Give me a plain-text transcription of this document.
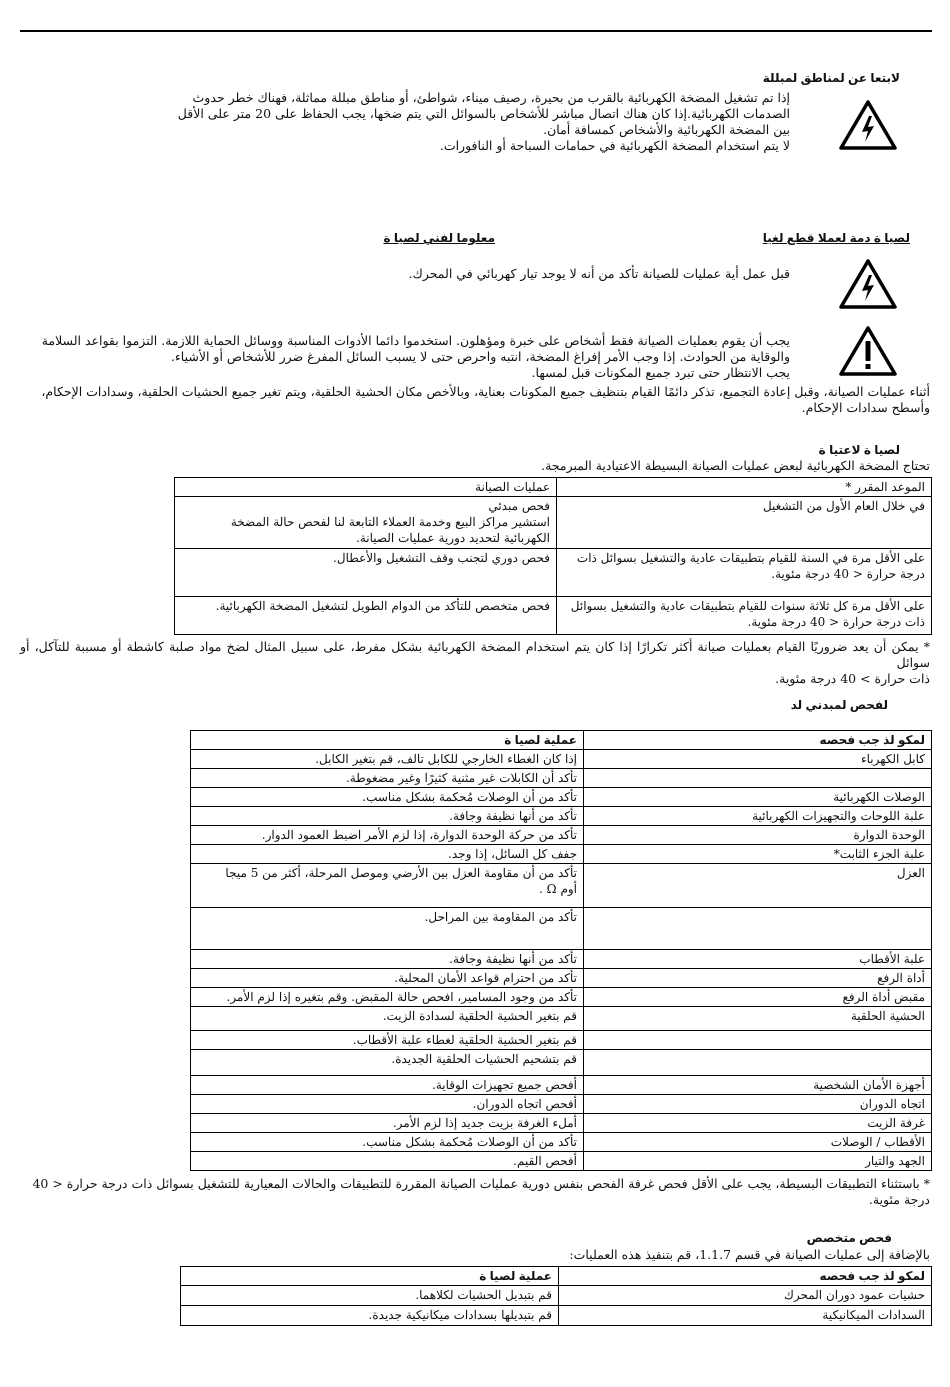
لابتعا عن لمناطق لمبللة
إذا تم تشغيل المضخة الكهربائية بالقرب من بحيرة، رصيف ميناء، شواطئ، أو مناطق مبللة مماثلة، فهناك خطر حدوث
الصدمات الكهربائية.إذا كان هناك اتصال مباشر للأشخاص بالسوائل التي يتم ضخها، يجب الحفاظ على 20 متر على الأقل
بين المضخة الكهربائية والأشخاص كمسافة أمان.
لا يتم استخدام المضخة الكهربائية في حمامات السباحة أو النافورات.
لصيا ة دمة لعملا قطع لغيا
معلوما لفني لصيا ة
قبل عمل أية عمليات للصيانة تأكد من أنه لا يوجد تيار كهربائي في المحرك.
يجب أن يقوم بعمليات الصيانة فقط أشخاص على خبرة ومؤهلون. استخدموا دائما الأدوات المناسبة ووسائل الحماية اللازمة. التزموا بقواعد السلامة
والوقاية من الحوادث. إذا وجب الأمر إفراغ المضخة، انتبه واحرص حتى لا يسبب السائل المفرغ ضرر للأشخاص أو الأشياء.
يجب الانتظار حتى تبرد جميع المكونات قبل لمسها.
أثناء عمليات الصيانة، وقبل إعادة التجميع، تذكر دائمًا القيام بتنظيف جميع المكونات بعناية، وبالأخص مكان الحشية الحلقية، ويتم تغير جميع الحشيات الحلقية، وسدادات الإحكام،
وأسطح سدادات الإحكام.
لصيا ة لاعتيا ة
تحتاج المضخة الكهربائية لبعض عمليات الصيانة البسيطة الاعتيادية المبرمجة.
الموعد المقرر *	عمليات الصيانة

في خلال العام الأول من التشغيل	فحص مبدئي
استشير مراكز البيع وخدمة العملاء التابعة لنا لفحص حالة المضخة
الكهربائية لتحديد دورية عمليات الصيانة.

على الأقل مرة في السنة للقيام بتطبيقات عادية والتشغيل بسوائل ذات
درجة حرارة < 40 درجة مئوية.	فحص دوري لتجنب وقف التشغيل والأعطال.

على الأقل مرة كل ثلاثة سنوات للقيام بتطبيقات عادية والتشغيل بسوائل
ذات درجة حرارة < 40 درجة مئوية.	فحص متخصص للتأكد من الدوام الطويل لتشغيل المضخة الكهربائية.
* يمكن أن يعد ضروريًا القيام بعمليات صيانة أكثر تكرارًا إذا كان يتم استخدام المضخة الكهربائية بشكل مفرط، على سبيل المثال لضخ مواد صلبة كاشطة أو مسببة للتآكل، أو سوائل
ذات حرارة > 40 درجة مئوية.
لفحص لمبدني لد
لمكو لذ جب فحصه	عملية لصيا ة
كابل الكهرباء	إذا كان الغطاء الخارجي للكابل تالف، قم بتغير الكابل.

	تأكد أن الكابلات غير مثنية كثيرًا وغير مضغوطة.

الوصلات الكهربائية	تأكد من أن الوصلات مُحكمة بشكل مناسب.

علبة اللوحات والتجهيزات الكهربائية	تأكد من أنها نظيفة وجافة.

الوحدة الدوارة	تأكد من حركة الوحدة الدوارة، إذا لزم الأمر اضبط العمود الدوار.

علبة الجزء الثابت*	جفف كل السائل، إذا وجد.

العزل	تأكد من أن مقاومة العزل بين الأرضي وموصل المرحلة، أكثر من 5 ميجا
أوم Ω .

	تأكد من المقاومة بين المراحل.

علبة الأقطاب	تأكد من أنها نظيفة وجافة.

أداة الرفع	تأكد من احترام قواعد الأمان المحلية.

مقبض أداة الرفع	تأكد من وجود المسامير، افحص حالة المقبض. وقم بتغيره إذا لزم الأمر.

الحشية الحلقية	قم بتغير الحشية الحلقية لسدادة الزيت.

	قم بتغير الحشية الحلقية لغطاء علبة الأقطاب.

	قم بتشحيم الحشيات الحلقية الجديدة.

أجهزة الأمان الشخصية	أفحص جميع تجهيزات الوقاية.

اتجاه الدوران	أفحص اتجاه الدوران.

غرفة الزيت	أملء الغرفة بزيت جديد إذا لزم الأمر.

الأقطاب / الوصلات	تأكد من أن الوصلات مُحكمة بشكل مناسب.

الجهد والتيار	أفحص القيم.
* باستثناء التطبيقات البسيطة، يجب على الأقل فحص غرفة الفحص بنفس دورية عمليات الصيانة المقررة للتطبيقات والحالات المعيارية للتشغيل بسوائل ذات درجة حرارة < 40
درجة مئوية.
فحص متخصص
بالإضافة إلى عمليات الصيانة في قسم 1.1.7، قم بتنفيذ هذه العمليات:
لمكو لذ جب فحصه	عملية لصيا ة
حشيات عمود دوران المحرك	قم بتبديل الحشيات لكلاهما.
السدادات الميكانيكية	قم بتبديلها بسدادات ميكانيكية جديدة.
